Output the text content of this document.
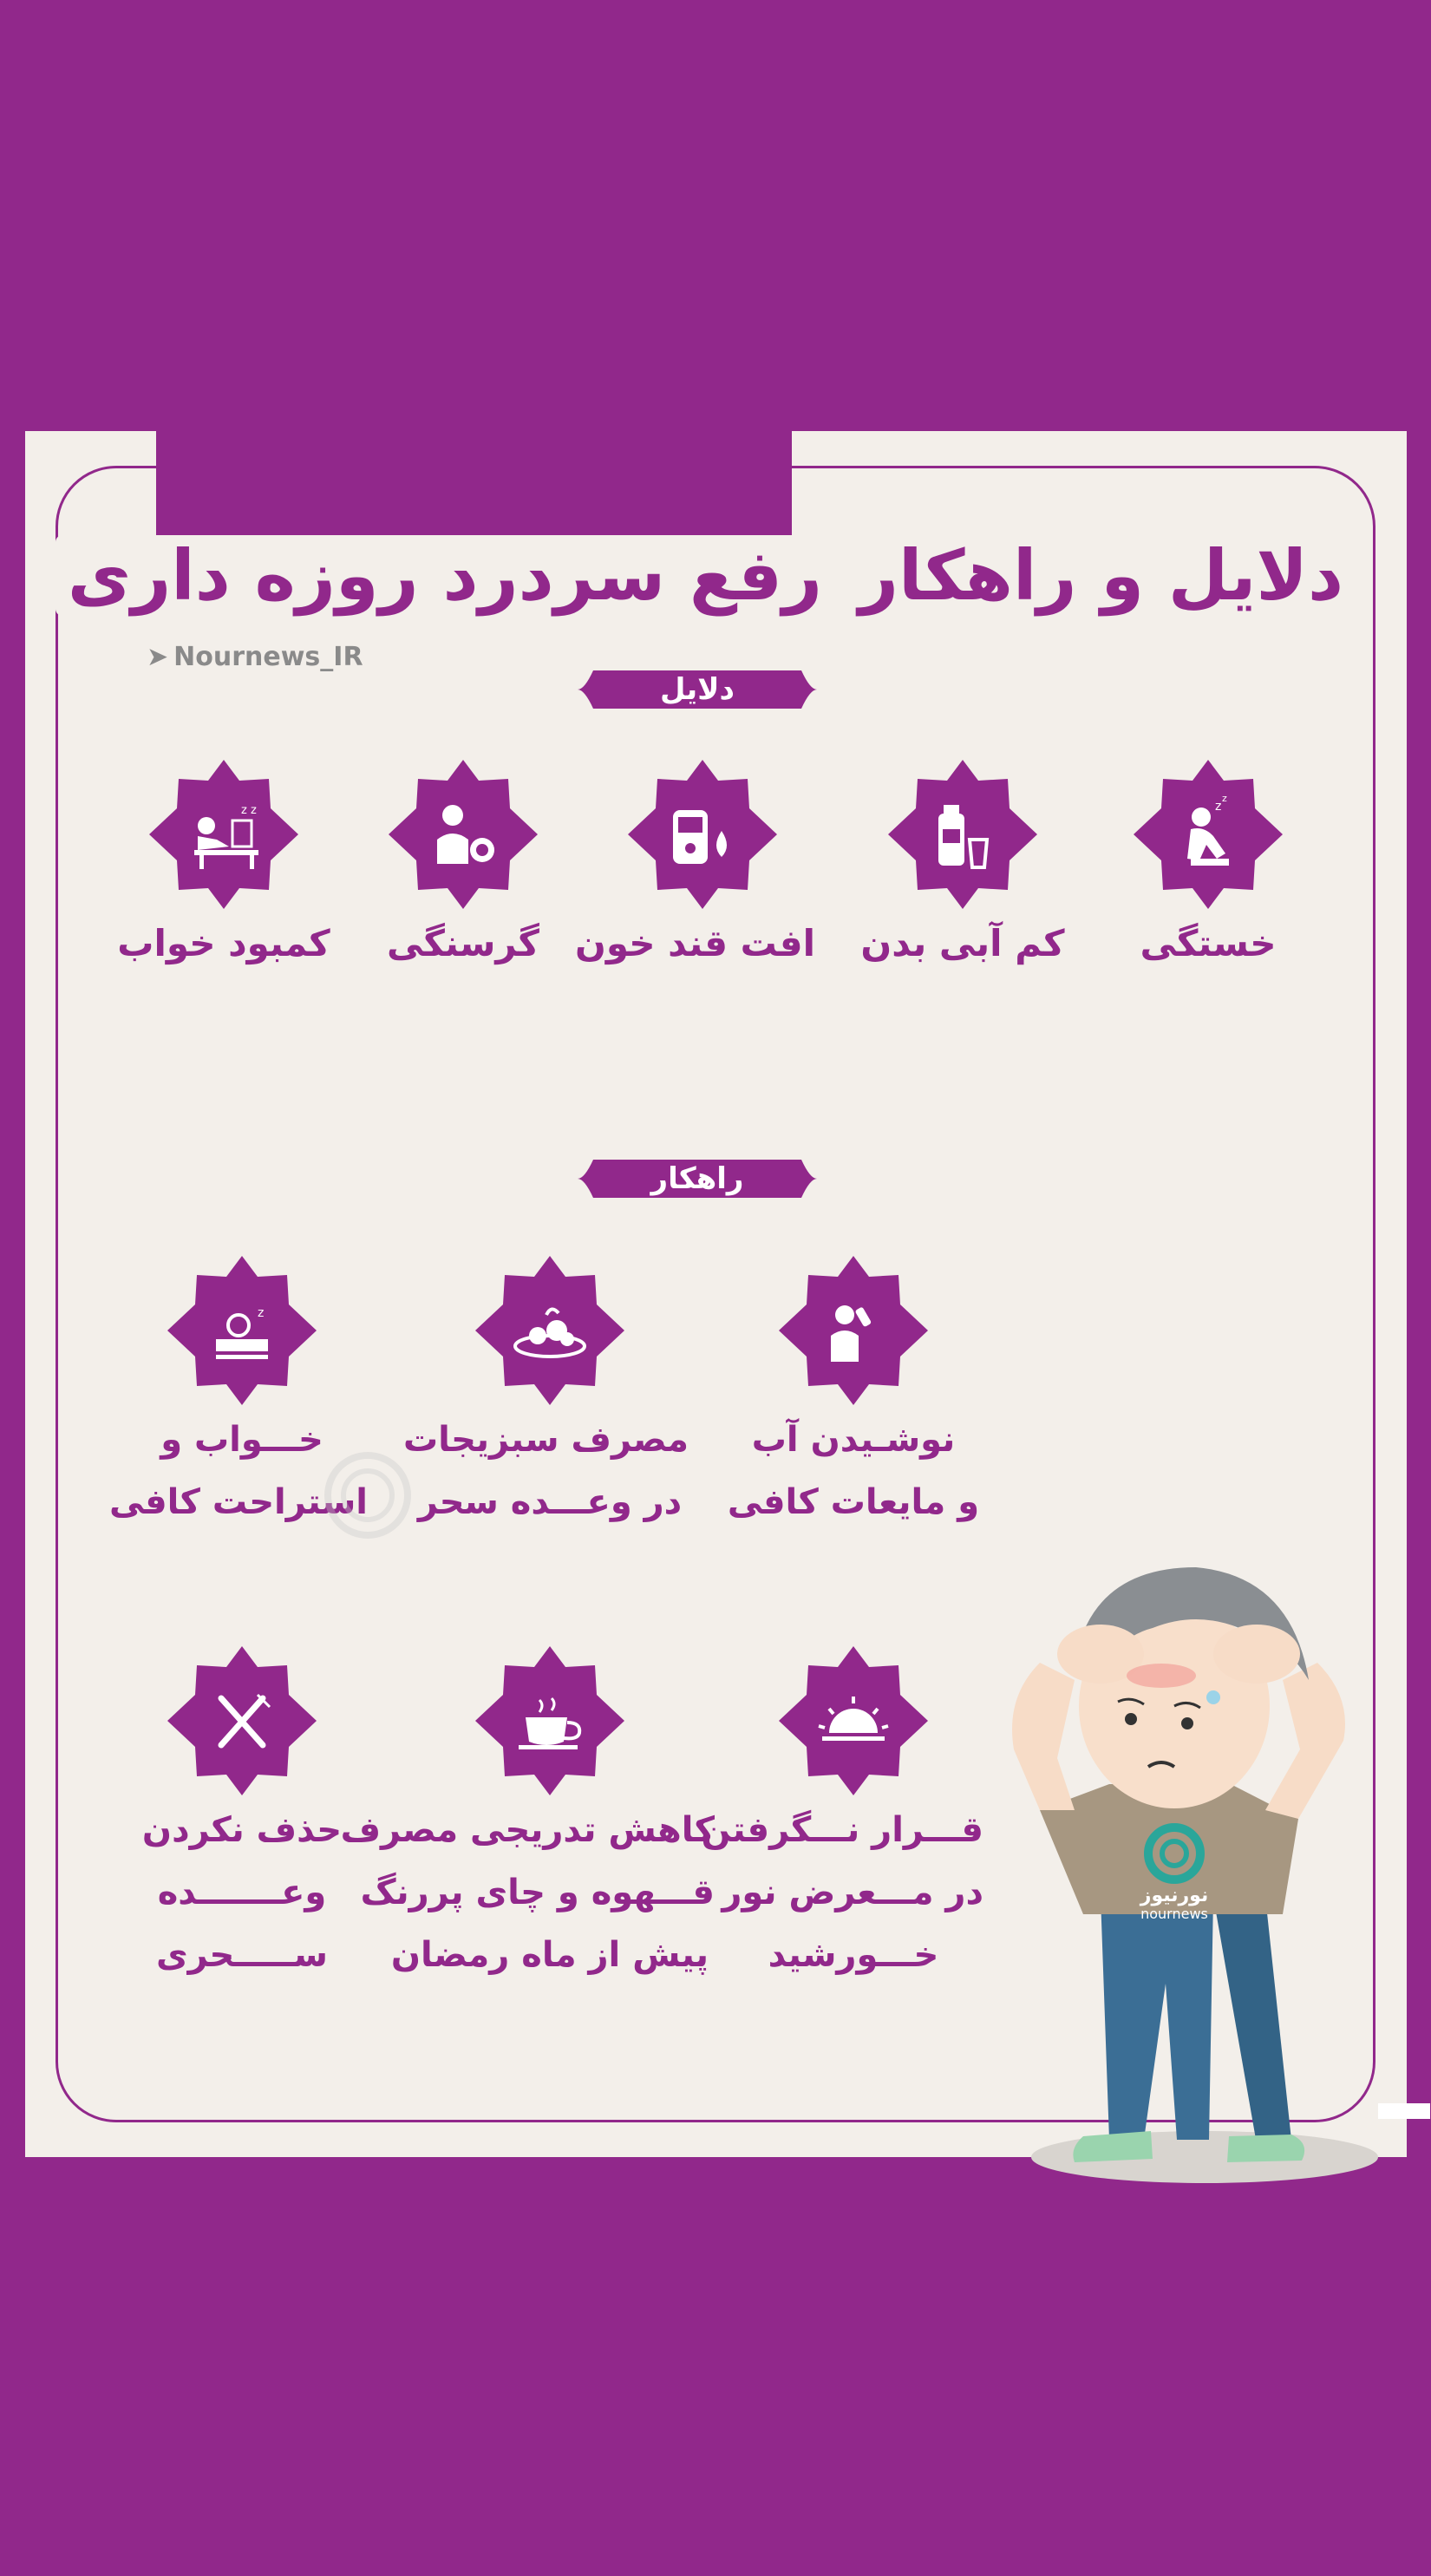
دلایل و راهکار رفع سردرد روزه داری
➤ Nournews_IR
دلایل
z
z
خستگی
کم آبی بدن
افت قند خون
گرسنگی
z z
کمبود خواب
راهکار
نوشـیدن آب
و مایعات کافی
مصرف سبزیجات
در وعـــده سحر
z
خـــواب و
استراحت کافی
قـــرار نـــگرفتن
در مـــعرض نور
خـــورشید
کاهش تدریجی مصرف
قـــهوه و چای پررنگ
پیش از ماه رمضان
حذف نکردن
وعـــــــده
ســـــحری
نورنیوز
nournews
